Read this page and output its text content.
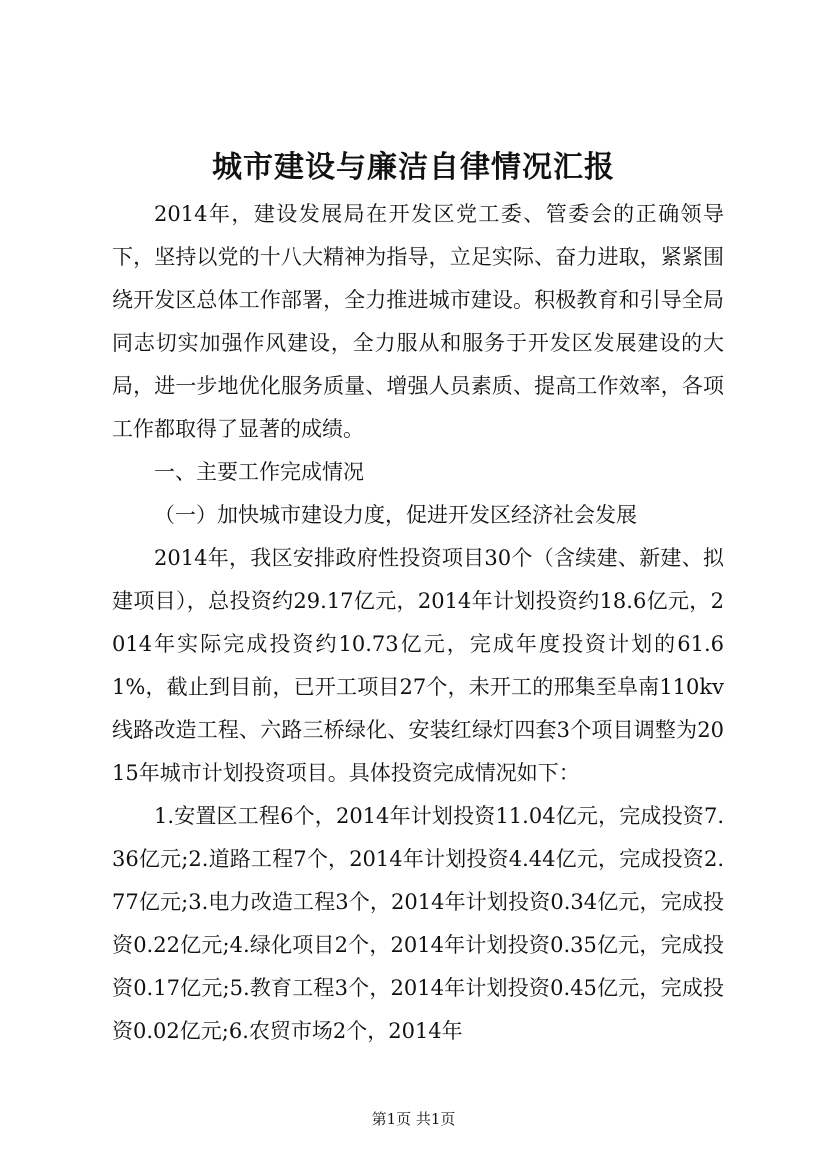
城市建设与廉洁自律情况汇报

2014年，建设发展局在开发区党工委、管委会的正确领导下，坚持以党的十八大精神为指导，立足实际、奋力进取，紧紧围绕开发区总体工作部署，全力推进城市建设。积极教育和引导全局同志切实加强作风建设，全力服从和服务于开发区发展建设的大局，进一步地优化服务质量、增强人员素质、提高工作效率，各项工作都取得了显著的成绩。

一、主要工作完成情况

（一）加快城市建设力度，促进开发区经济社会发展

2014年，我区安排政府性投资项目30个（含续建、新建、拟建项目），总投资约29.17亿元，2014年计划投资约18.6亿元，2014年实际完成投资约10.73亿元，完成年度投资计划的61.61%，截止到目前，已开工项目27个，未开工的邢集至阜南110kv线路改造工程、六路三桥绿化、安装红绿灯四套3个项目调整为2015年城市计划投资项目。具体投资完成情况如下：

1.安置区工程6个，2014年计划投资11.04亿元，完成投资7.36亿元;2.道路工程7个，2014年计划投资4.44亿元，完成投资2.77亿元;3.电力改造工程3个，2014年计划投资0.34亿元，完成投资0.22亿元;4.绿化项目2个，2014年计划投资0.35亿元，完成投资0.17亿元;5.教育工程3个，2014年计划投资0.45亿元，完成投资0.02亿元;6.农贸市场2个，2014年

第1页 共1页
